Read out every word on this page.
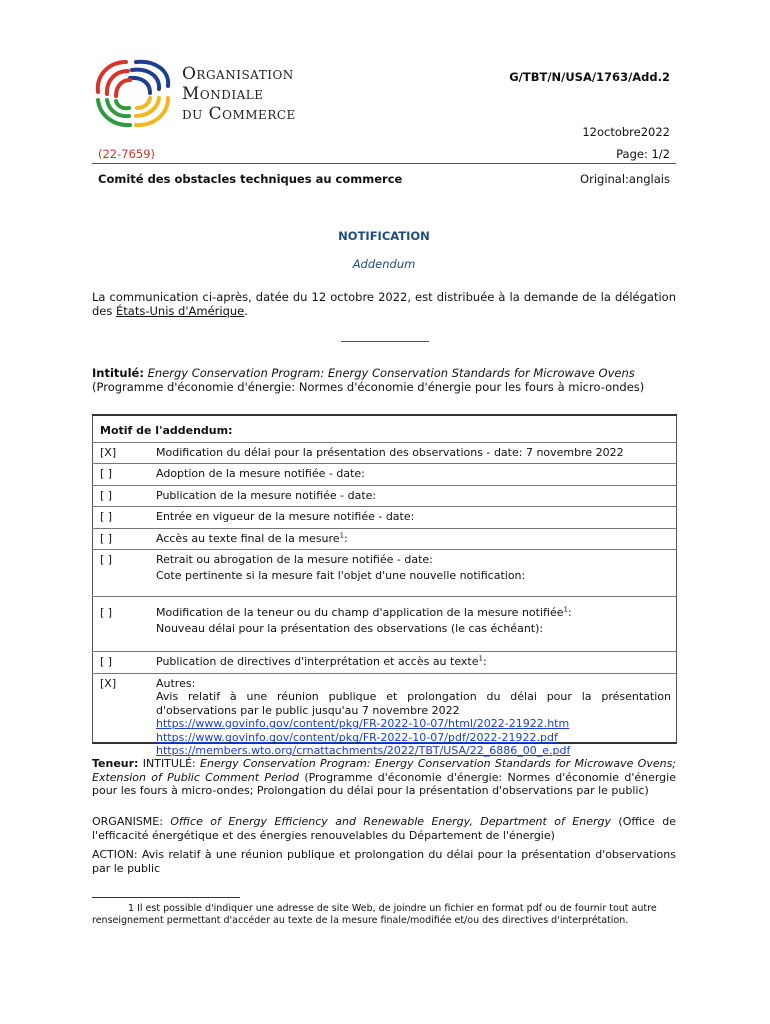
Organisation
Mondiale
du Commerce
G/TBT/N/USA/1763/Add.2
12octobre2022
(22-7659)	Page: 1/2
Comité des obstacles techniques au commerce	Original:anglais
NOTIFICATION
Addendum
La communication ci-après, datée du 12 octobre 2022, est distribuée à la demande de la délégation des États-Unis d'Amérique.
Intitulé: Energy Conservation Program: Energy Conservation Standards for Microwave Ovens
(Programme d'économie d'énergie: Normes d'économie d'énergie pour les fours à micro-ondes)
Motif de l'addendum:	
[X]	Modification du délai pour la présentation des observations - date: 7 novembre 2022
[ ]	Adoption de la mesure notifiée - date:
[ ]	Publication de la mesure notifiée - date:
[ ]	Entrée en vigueur de la mesure notifiée - date:
[ ]	Accès au texte final de la mesure$^1$:
[ ]	Retrait ou abrogation de la mesure notifiée - date:
Cote pertinente si la mesure fait l'objet d'une nouvelle notification:

[ ]	Modification de la teneur ou du champ d'application de la mesure notifiée$^1$:
Nouveau délai pour la présentation des observations (le cas échéant):

[ ]	Publication de directives d'interprétation et accès au texte$^1$:
[X]	Autres:
Avis relatif à une réunion publique et prolongation du délai pour la présentation d'observations par le public jusqu'au 7 novembre 2022
https://www.govinfo.gov/content/pkg/FR-2022-10-07/html/2022-21922.htm
https://www.govinfo.gov/content/pkg/FR-2022-10-07/pdf/2022-21922.pdf
https://members.wto.org/crnattachments/2022/TBT/USA/22_6886_00_e.pdf
Teneur: INTITULÉ: Energy Conservation Program: Energy Conservation Standards for Microwave Ovens; Extension of Public Comment Period (Programme d'économie d'énergie: Normes d'économie d'énergie pour les fours à micro-ondes; Prolongation du délai pour la présentation d'observations par le public)
ORGANISME: Office of Energy Efficiency and Renewable Energy, Department of Energy (Office de l'efficacité énergétique et des énergies renouvelables du Département de l'énergie)
ACTION: Avis relatif à une réunion publique et prolongation du délai pour la présentation d'observations par le public
1 Il est possible d'indiquer une adresse de site Web, de joindre un fichier en format pdf ou de fournir tout autre renseignement permettant d'accéder au texte de la mesure finale/modifiée et/ou des directives d'interprétation.
